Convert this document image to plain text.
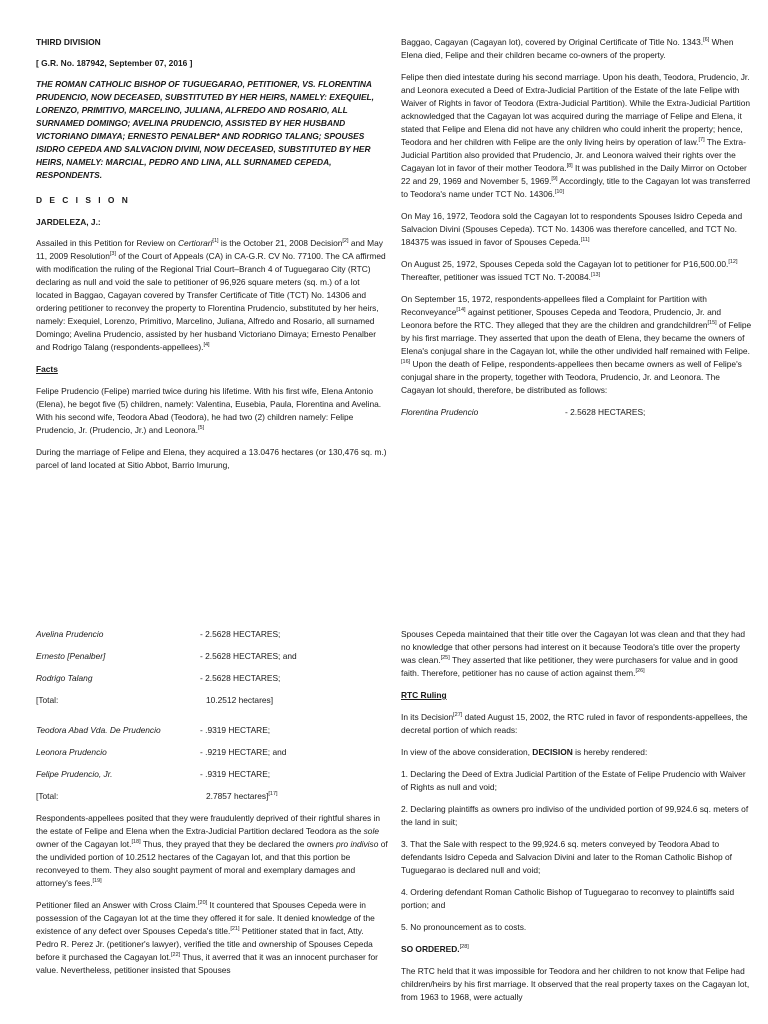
THIRD DIVISION

[ G.R. No. 187942, September 07, 2016 ]

THE ROMAN CATHOLIC BISHOP OF TUGUEGARAO, PETITIONER, VS. FLORENTINA PRUDENCIO, NOW DECEASED, SUBSTITUTED BY HER HEIRS, NAMELY: EXEQUIEL, LORENZO, PRIMITIVO, MARCELINO, JULIANA, ALFREDO AND ROSARIO, ALL SURNAMED DOMINGO; AVELINA PRUDENCIO, ASSISTED BY HER HUSBAND VICTORIANO DIMAYA; ERNESTO PENALBER* AND RODRIGO TALANG; SPOUSES ISIDRO CEPEDA AND SALVACION DIVINI, NOW DECEASED, SUBSTITUTED BY HER HEIRS, NAMELY: MARCIAL, PEDRO AND LINA, ALL SURNAMED CEPEDA, RESPONDENTS.

D E C I S I O N

JARDELEZA, J.:

Assailed in this Petition for Review on Certiorari[1] is the October 21, 2008 Decision[2] and May 11, 2009 Resolution[3] of the Court of Appeals (CA) in CA-G.R. CV No. 77100. The CA affirmed with modification the ruling of the Regional Trial Court–Branch 4 of Tuguegarao City (RTC) declaring as null and void the sale to petitioner of 96,926 square meters (sq. m.) of a lot located in Baggao, Cagayan covered by Transfer Certificate of Title (TCT) No. 14306 and ordering petitioner to reconvey the property to Florentina Prudencio, substituted by her heirs, namely: Exequiel, Lorenzo, Primitivo, Marcelino, Juliana, Alfredo and Rosario, all surnamed Domingo; Avelina Prudencio, assisted by her husband Victoriano Dimaya; Ernesto Penalber and Rodrigo Talang (respondents-appellees).[4]

Facts

Felipe Prudencio (Felipe) married twice during his lifetime. With his first wife, Elena Antonio (Elena), he begot five (5) children, namely: Valentina, Eusebia, Paula, Florentina and Avelina. With his second wife, Teodora Abad (Teodora), he had two (2) children namely: Felipe Prudencio, Jr. (Prudencio, Jr.) and Leonora.[5]

During the marriage of Felipe and Elena, they acquired a 13.0476 hectares (or 130,476 sq. m.) parcel of land located at Sitio Abbot, Barrio Imurung,

Baggao, Cagayan (Cagayan lot), covered by Original Certificate of Title No. 1343.[6] When Elena died, Felipe and their children became co-owners of the property.

Felipe then died intestate during his second marriage. Upon his death, Teodora, Prudencio, Jr. and Leonora executed a Deed of Extra-Judicial Partition of the Estate of the late Felipe with Waiver of Rights in favor of Teodora (Extra-Judicial Partition). While the Extra-Judicial Partition acknowledged that the Cagayan lot was acquired during the marriage of Felipe and Elena, it stated that Felipe and Elena did not have any children who could inherit the property; hence, Teodora and her children with Felipe are the only living heirs by operation of law.[7] The Extra-Judicial Partition also provided that Prudencio, Jr. and Leonora waived their rights over the Cagayan lot in favor of their mother Teodora.[8] It was published in the Daily Mirror on October 22 and 29, 1969 and November 5, 1969.[9] Accordingly, title to the Cagayan lot was transferred to Teodora's name under TCT No. 14306.[10]

On May 16, 1972, Teodora sold the Cagayan lot to respondents Spouses Isidro Cepeda and Salvacion Divini (Spouses Cepeda). TCT No. 14306 was therefore cancelled, and TCT No. 184375 was issued in favor of Spouses Cepeda.[11]

On August 25, 1972, Spouses Cepeda sold the Cagayan lot to petitioner for P16,500.00.[12] Thereafter, petitioner was issued TCT No. T-20084.[13]

On September 15, 1972, respondents-appellees filed a Complaint for Partition with Reconveyance[14] against petitioner, Spouses Cepeda and Teodora, Prudencio, Jr. and Leonora before the RTC. They alleged that they are the children and grandchildren[15] of Felipe by his first marriage. They asserted that upon the death of Elena, they became the owners of Elena's conjugal share in the Cagayan lot, while the other undivided half remained with Felipe.[16] Upon the death of Felipe, respondents-appellees then became owners as well of Felipe's conjugal share in the property, together with Teodora, Prudencio, Jr. and Leonora. The Cagayan lot should, therefore, be distributed as follows:

Florentina Prudencio	- 2.5628 HECTARES;
Avelina Prudencio	- 2.5628 HECTARES;
Ernesto [Penalber]	- 2.5628 HECTARES; and
Rodrigo Talang	- 2.5628 HECTARES;
[Total:	10.2512 hectares]
Teodora Abad Vda. De Prudencio	- .9319 HECTARE;
Leonora Prudencio	- .9219 HECTARE; and
Felipe Prudencio, Jr.	- .9319 HECTARE;
[Total:	2.7857 hectares][17]

Respondents-appellees posited that they were fraudulently deprived of their rightful shares in the estate of Felipe and Elena when the Extra-Judicial Partition declared Teodora as the sole owner of the Cagayan lot.[18] Thus, they prayed that they be declared the owners pro indiviso of the undivided portion of 10.2512 hectares of the Cagayan lot, and that this portion be reconveyed to them. They also sought payment of moral and exemplary damages and attorney's fees.[19]

Petitioner filed an Answer with Cross Claim.[20] It countered that Spouses Cepeda were in possession of the Cagayan lot at the time they offered it for sale. It denied knowledge of the existence of any defect over Spouses Cepeda's title.[21] Petitioner stated that in fact, Atty. Pedro R. Perez Jr. (petitioner's lawyer), verified the title and ownership of Spouses Cepeda before it purchased the Cagayan lot.[22] Thus, it averred that it was an innocent purchaser for value. Nevertheless, petitioner insisted that Spouses

Spouses Cepeda maintained that their title over the Cagayan lot was clean and that they had no knowledge that other persons had interest on it because Teodora's title over the property was clean.[25] They asserted that like petitioner, they were purchasers for value and in good faith. Therefore, petitioner has no cause of action against them.[26]

RTC Ruling

In its Decision[27] dated August 15, 2002, the RTC ruled in favor of respondents-appellees, the decretal portion of which reads:

In view of the above consideration, DECISION is hereby rendered:

1. Declaring the Deed of Extra Judicial Partition of the Estate of Felipe Prudencio with Waiver of Rights as null and void;

2. Declaring plaintiffs as owners pro indiviso of the undivided portion of 99,924.6 sq. meters of the land in suit;

3. That the Sale with respect to the 99,924.6 sq. meters conveyed by Teodora Abad to defendants Isidro Cepeda and Salvacion Divini and later to the Roman Catholic Bishop of Tuguegarao is declared null and void;

4. Ordering defendant Roman Catholic Bishop of Tuguegarao to reconvey to plaintiffs said portion; and

5. No pronouncement as to costs.

SO ORDERED.[28]

The RTC held that it was impossible for Teodora and her children to not know that Felipe had children/heirs by his first marriage. It observed that the real property taxes on the Cagayan lot, from 1963 to 1968, were actually
